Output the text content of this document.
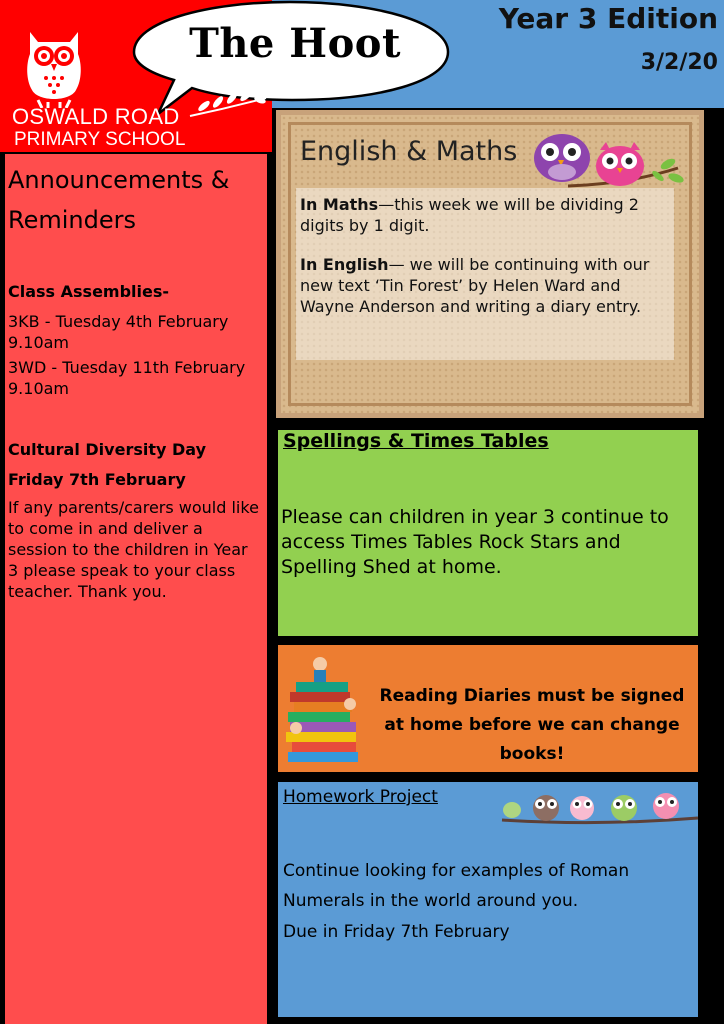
The Hoot
OSWALD ROAD
PRIMARY SCHOOL
Year 3 Edition
3/2/20
Announcements &
Reminders
Class Assemblies-
3KB - Tuesday 4th February 9.10am
3WD - Tuesday 11th February 9.10am
Cultural Diversity Day
Friday 7th February
If any parents/carers would like to come in and deliver a session to the children in Year 3 please speak to your class teacher. Thank you.
English & Maths
In Maths—this week we will be dividing 2 digits by 1 digit.
In English— we will be continuing with our new text ‘Tin Forest’ by Helen Ward and Wayne Anderson and writing a diary entry.
Spellings & Times Tables
Please can children in year 3 continue to access Times Tables Rock Stars and Spelling Shed at home.
Reading Diaries must be signed at home before we can change books!
Homework Project
Continue looking for examples of Roman Numerals in the world around you.
Due in Friday 7th February
